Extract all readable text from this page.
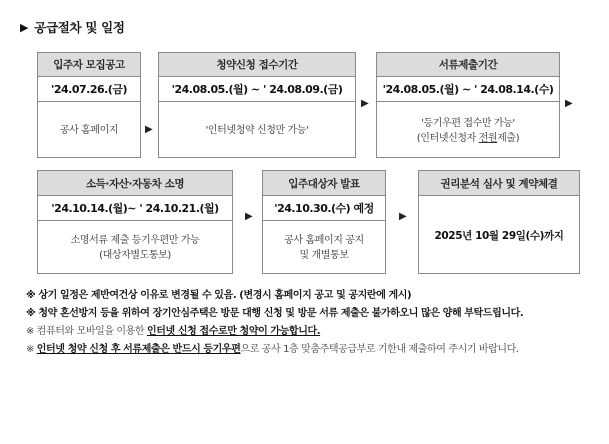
▶ 공급절차 및 일정
입주자 모집공고
'24.07.26.(금)
공사 홈페이지	▶
청약신청 접수기간
'24.08.05.(월) ~ ' 24.08.09.(금)
'인터넷청약 신청만 가능'
▶
서류제출기간
'24.08.05.(월) ~ ' 24.08.14.(수)
'등기우편 접수만 가능'
(인터넷신청자 전원제출)
▶
소득·자산·자동차 소명
'24.10.14.(월)~ ' 24.10.21.(월)
소명서류 제출 등기우편만 가능
(대상자별도통보)
▶
입주대상자 발표
'24.10.30.(수) 예정
공사 홈페이지 공지
및 개별통보
▶
권리분석 심사 및 계약체결
2025년 10월 29일(수)까지
※ 상기 일정은 제반여건상 이유로 변경될 수 있음. (변경시 홈페이지 공고 및 공지란에 게시)
※ 청약 혼선방지 등을 위하여 장기안심주택은 방문 대행 신청 및 방문 서류 제출은 불가하오니 많은 양해 부탁드립니다.
※ 컴퓨터와 모바일을 이용한 인터넷 신청 접수로만 청약이 가능합니다.
※ 인터넷 청약 신청 후 서류제출은 반드시 등기우편으로 공사 1층 맞춤주택공급부로 기한내 제출하여 주시기 바랍니다.
